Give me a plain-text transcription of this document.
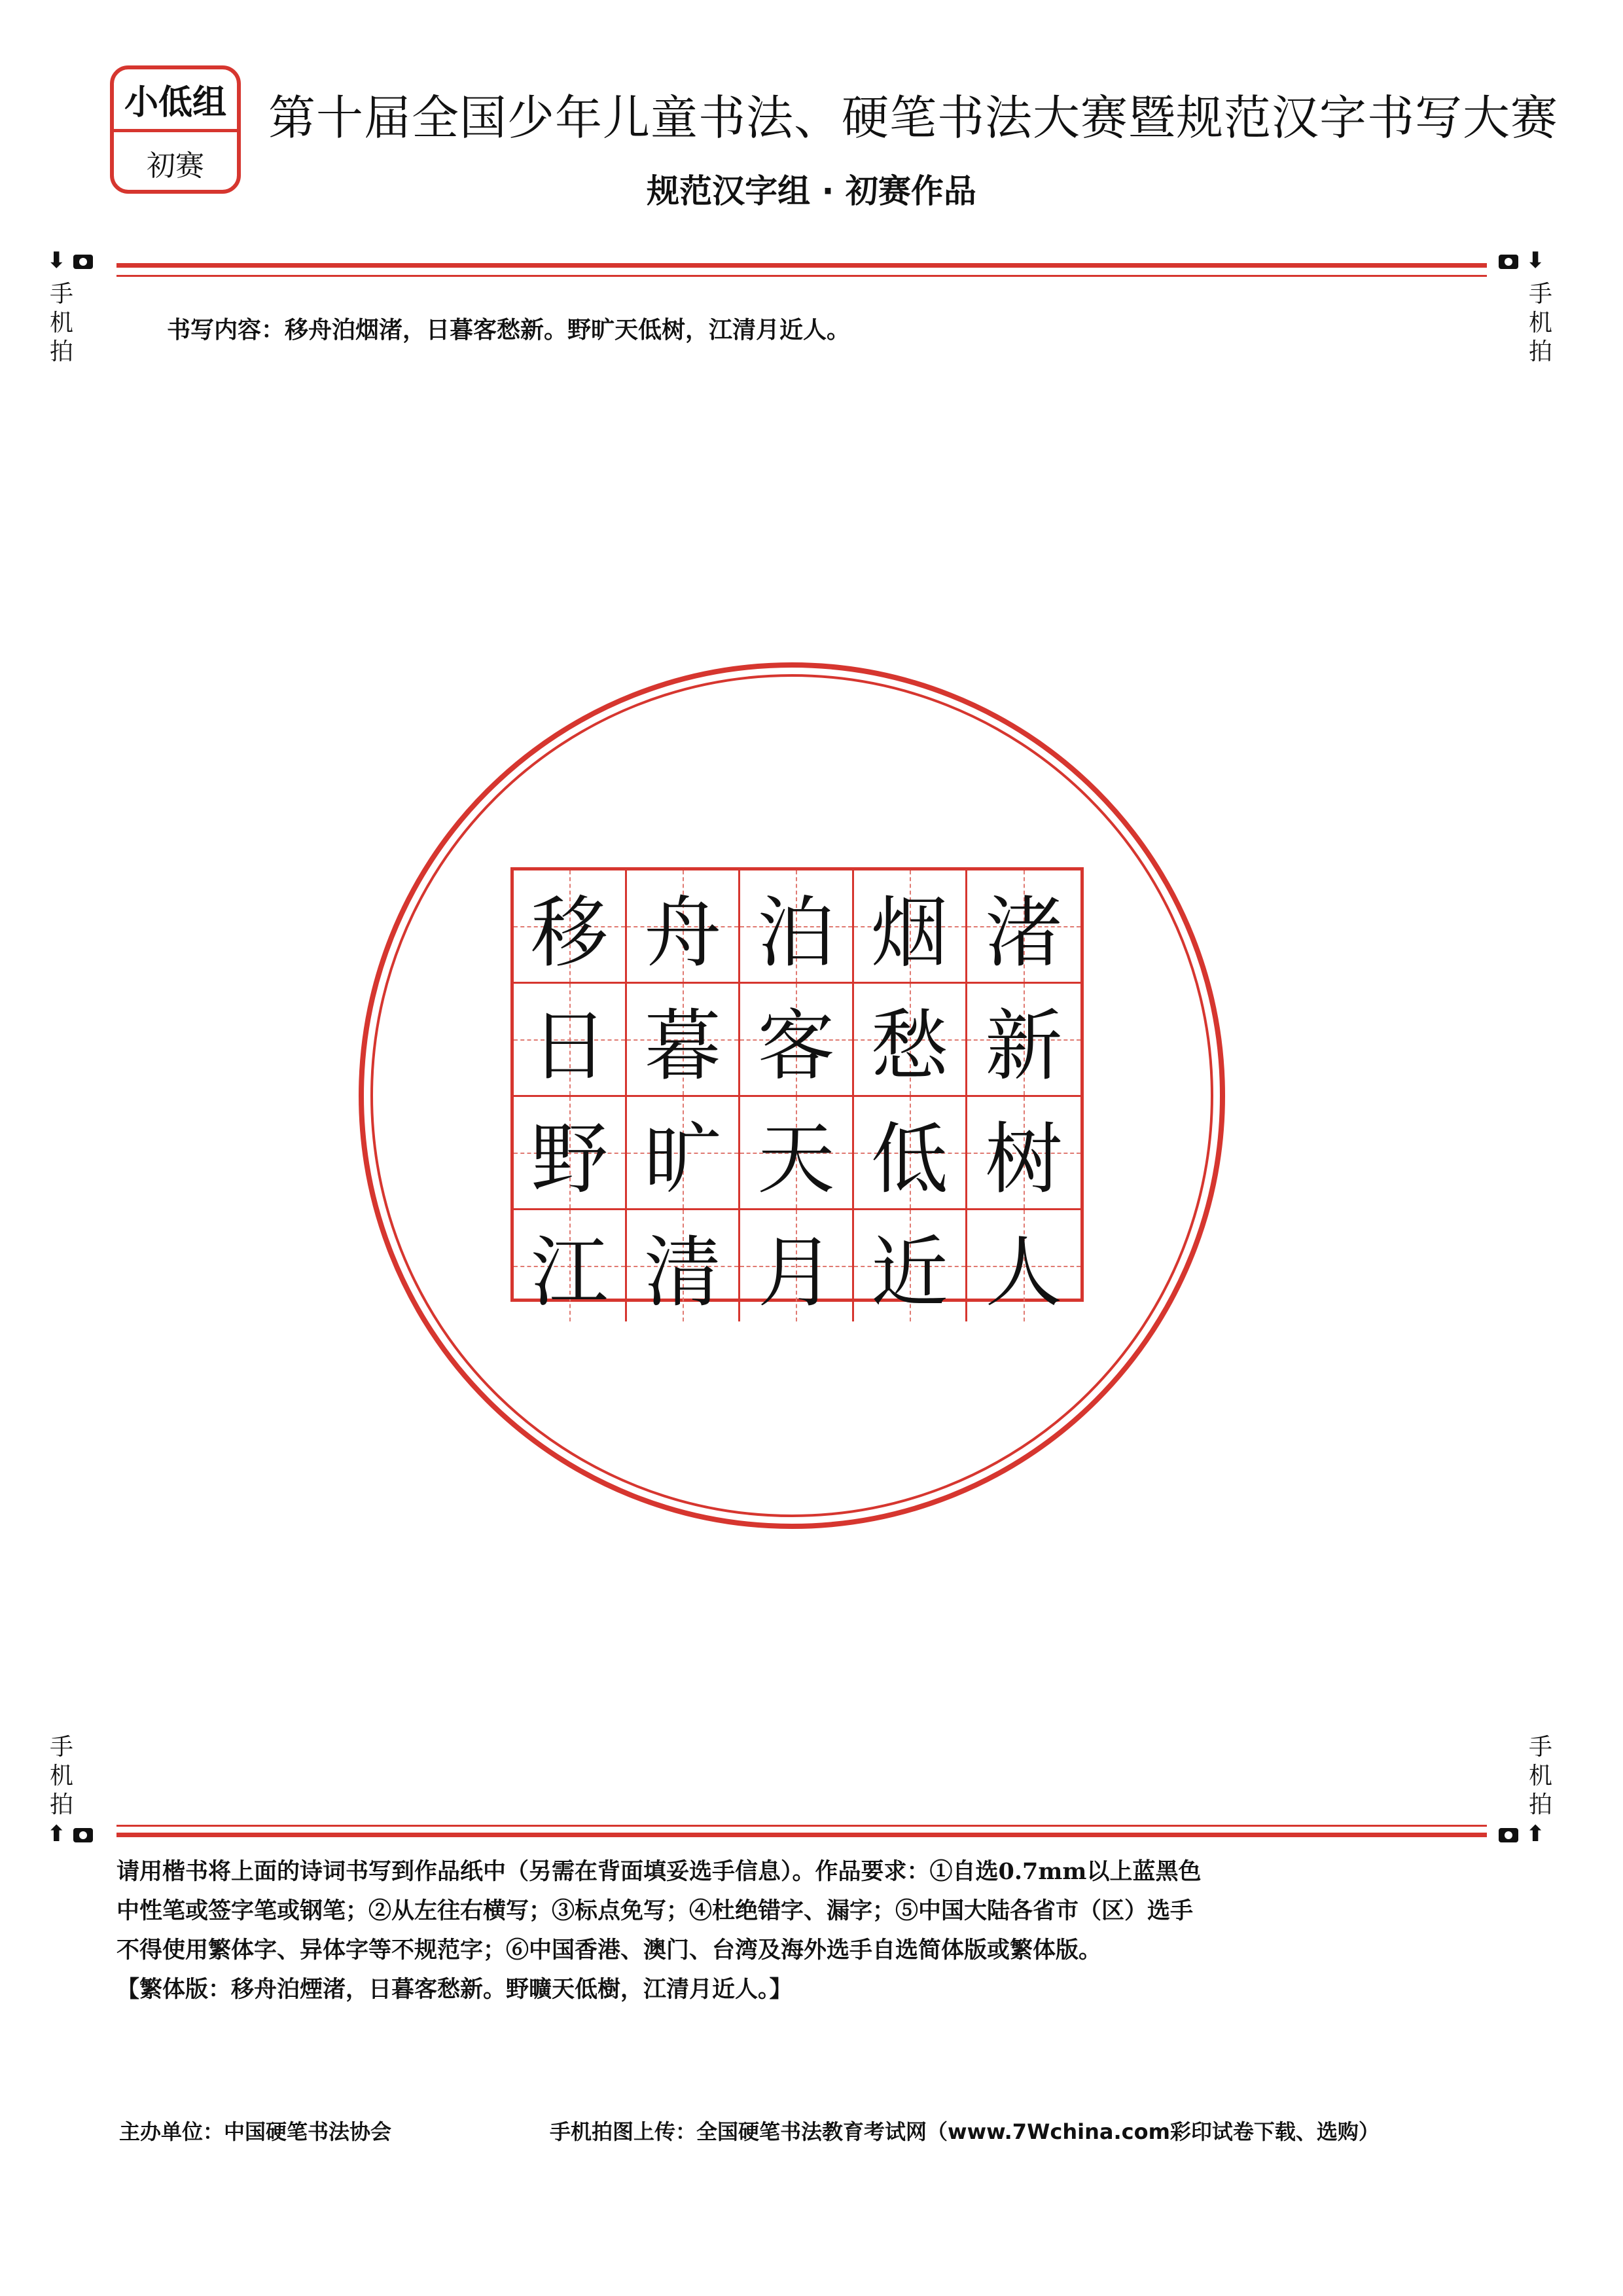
小低组
初赛
第十届全国少年儿童书法、硬笔书法大赛暨规范汉字书写大赛
规范汉字组 · 初赛作品
⬇
手机拍
⬇
手机拍
书写内容：移舟泊烟渚，日暮客愁新。野旷天低树，江清月近人。
移 舟 泊 烟 渚
日 暮 客 愁 新
野 旷 天 低 树
江 清 月 近 人
手机拍
⬆
手机拍
⬆

请用楷书将上面的诗词书写到作品纸中（另需在背面填妥选手信息）。作品要求：①自选0.7mm以上蓝黑色

中性笔或签字笔或钢笔；②从左往右横写；③标点免写；④杜绝错字、漏字；⑤中国大陆各省市（区）选手

不得使用繁体字、异体字等不规范字；⑥中国香港、澳门、台湾及海外选手自选简体版或繁体版。

【繁体版：移舟泊煙渚，日暮客愁新。野曠天低樹，江清月近人。】

主办单位：中国硬笔书法协会	手机拍图上传：全国硬笔书法教育考试网（www.7Wchina.com彩印试卷下载、选购）
